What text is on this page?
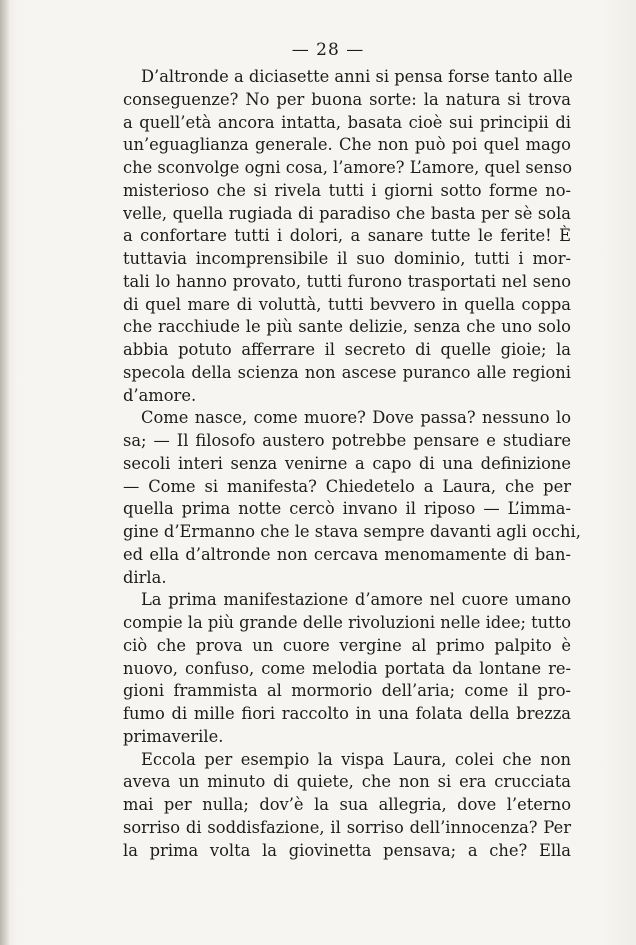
— 28 —
D’altronde a diciasette anni si pensa forse tanto alle
conseguenze? No per buona sorte: la natura si trova
a quell’età ancora intatta, basata cioè sui principii di
un’eguaglianza generale. Che non può poi quel mago
che sconvolge ogni cosa, l’amore? L’amore, quel senso
misterioso che si rivela tutti i giorni sotto forme no-
velle, quella rugiada di paradiso che basta per sè sola
a confortare tutti i dolori, a sanare tutte le ferite! È
tuttavia incomprensibile il suo dominio, tutti i mor-
tali lo hanno provato, tutti furono trasportati nel seno
di quel mare di voluttà, tutti bevvero in quella coppa
che racchiude le più sante delizie, senza che uno solo
abbia potuto afferrare il secreto di quelle gioie; la
specola della scienza non ascese puranco alle regioni
d’amore.
Come nasce, come muore? Dove passa? nessuno lo
sa; — Il filosofo austero potrebbe pensare e studiare
secoli interi senza venirne a capo di una definizione
— Come si manifesta? Chiedetelo a Laura, che per
quella prima notte cercò invano il riposo — L’imma-
gine d’Ermanno che le stava sempre davanti agli occhi,
ed ella d’altronde non cercava menomamente di ban-
dirla.
La prima manifestazione d’amore nel cuore umano
compie la più grande delle rivoluzioni nelle idee; tutto
ciò che prova un cuore vergine al primo palpito è
nuovo, confuso, come melodia portata da lontane re-
gioni frammista al mormorio dell’aria; come il pro-
fumo di mille fiori raccolto in una folata della brezza
primaverile.
Eccola per esempio la vispa Laura, colei che non
aveva un minuto di quiete, che non si era crucciata
mai per nulla; dov’è la sua allegria, dove l’eterno
sorriso di soddisfazione, il sorriso dell’innocenza? Per
la prima volta la giovinetta pensava; a che? Ella
